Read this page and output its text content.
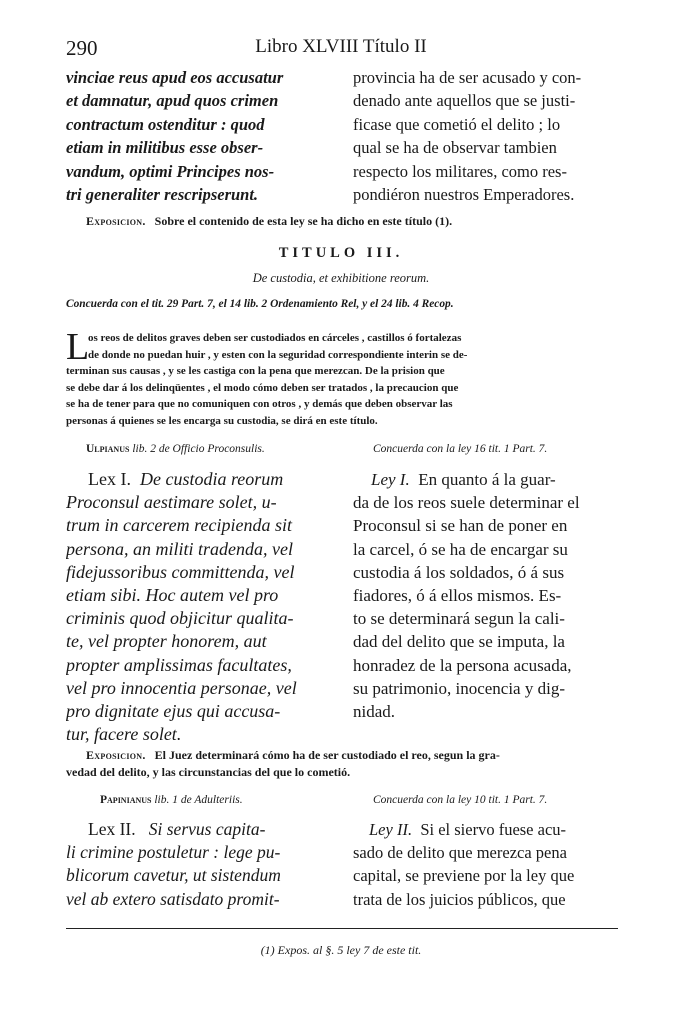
290	Libro XLVIII Título II
vinciae reus apud eos accusatur
et damnatur, apud quos crimen
contractum ostenditur : quod
etiam in militibus esse obser-
vandum, optimi Principes nos-
tri generaliter rescripserunt.
provincia ha de ser acusado y con-
denado ante aquellos que se justi-
ficase que cometió el delito ; lo
qual se ha de observar tambien
respecto los militares, como res-
pondiéron nuestros Emperadores.
Exposicion. Sobre el contenido de esta ley se ha dicho en este título (1).
TITULO III.
De custodia, et exhibitione reorum.
Concuerda con el tit. 29 Part. 7, el 14 lib. 2 Ordenamiento Rel, y el 24 lib. 4 Recop.
L
os reos de delitos graves deben ser custodiados en cárceles , castillos ó fortalezas
de donde no puedan huir , y esten con la seguridad correspondiente interin se de-
terminan sus causas , y se les castiga con la pena que merezcan. De la prision que
se debe dar á los delinqüentes , el modo cómo deben ser tratados , la precaucion que
se ha de tener para que no comuniquen con otros , y demás que deben observar las
personas á quienes se les encarga su custodia, se dirá en este título.
Ulpianus lib. 2 de Officio Proconsulis.	Concuerda con la ley 16 tit. 1 Part. 7.
Lex I. De custodia reorum
Proconsul aestimare solet, u-
trum in carcerem recipienda sit
persona, an militi tradenda, vel
fidejussoribus committenda, vel
etiam sibi. Hoc autem vel pro
criminis quod objicitur qualita-
te, vel propter honorem, aut
propter amplissimas facultates,
vel pro innocentia personae, vel
pro dignitate ejus qui accusa-
tur, facere solet.
Ley I. En quanto á la guar-
da de los reos suele determinar el
Proconsul si se han de poner en
la carcel, ó se ha de encargar su
custodia á los soldados, ó á sus
fiadores, ó á ellos mismos. Es-
to se determinará segun la cali-
dad del delito que se imputa, la
honradez de la persona acusada,
su patrimonio, inocencia y dig-
nidad.
Exposicion. El Juez determinará cómo ha de ser custodiado el reo, segun la gra-
vedad del delito, y las circunstancias del que lo cometió.
Papinianus lib. 1 de Adulteriis.	Concuerda con la ley 10 tit. 1 Part. 7.
Lex II. Si servus capita-
li crimine postuletur : lege pu-
blicorum cavetur, ut sistendum
vel ab extero satisdato promit-
Ley II. Si el siervo fuese acu-
sado de delito que merezca pena
capital, se previene por la ley que
trata de los juicios públicos, que
(1) Expos. al §. 5 ley 7 de este tit.
